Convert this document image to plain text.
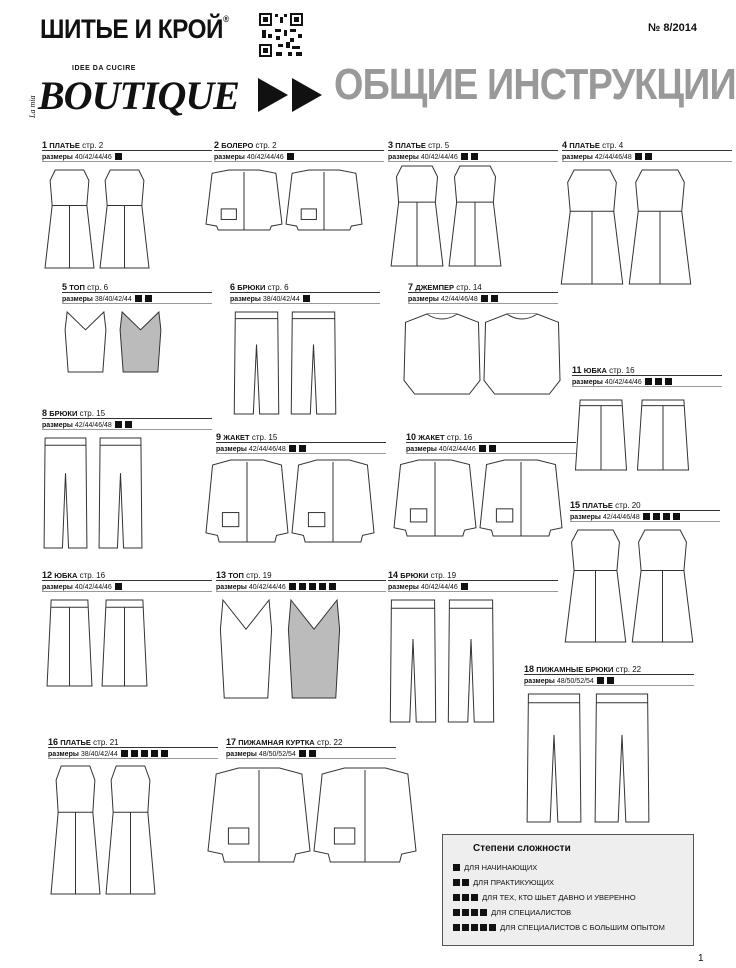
ШИТЬЕ И КРОЙ®
№ 8/2014
IDEE DA CUCIRE
La mia BOUTIQUE ОБЩИЕ ИНСТРУКЦИИ
1 ПЛАТЬЕ стр. 2
размеры 40/42/44/46
2 БОЛЕРО стр. 2
размеры 40/42/44/46
3 ПЛАТЬЕ стр. 5
размеры 40/42/44/46
4 ПЛАТЬЕ стр. 4
размеры 42/44/46/48
5 ТОП стр. 6
размеры 38/40/42/44
6 БРЮКИ стр. 6
размеры 38/40/42/44
7 ДЖЕМПЕР стр. 14
размеры 42/44/46/48
8 БРЮКИ стр. 15
размеры 42/44/46/48
9 ЖАКЕТ стр. 15
размеры 42/44/46/48
10 ЖАКЕТ стр. 16
размеры 40/42/44/46
11 ЮБКА стр. 16
размеры 40/42/44/46
12 ЮБКА стр. 16
размеры 40/42/44/46
13 ТОП стр. 19
размеры 40/42/44/46
14 БРЮКИ стр. 19
размеры 40/42/44/46
15 ПЛАТЬЕ стр. 20
размеры 42/44/46/48
16 ПЛАТЬЕ стр. 21
размеры 38/40/42/44
17 ПИЖАМНАЯ КУРТКА стр. 22
размеры 48/50/52/54
18 ПИЖАМНЫЕ БРЮКИ стр. 22
размеры 48/50/52/54
Степени сложности
ДЛЯ НАЧИНАЮЩИХ
ДЛЯ ПРАКТИКУЮЩИХ
ДЛЯ ТЕХ, КТО ШЬЕТ ДАВНО И УВЕРЕННО
ДЛЯ СПЕЦИАЛИСТОВ
ДЛЯ СПЕЦИАЛИСТОВ С БОЛЬШИМ ОПЫТОМ
1
